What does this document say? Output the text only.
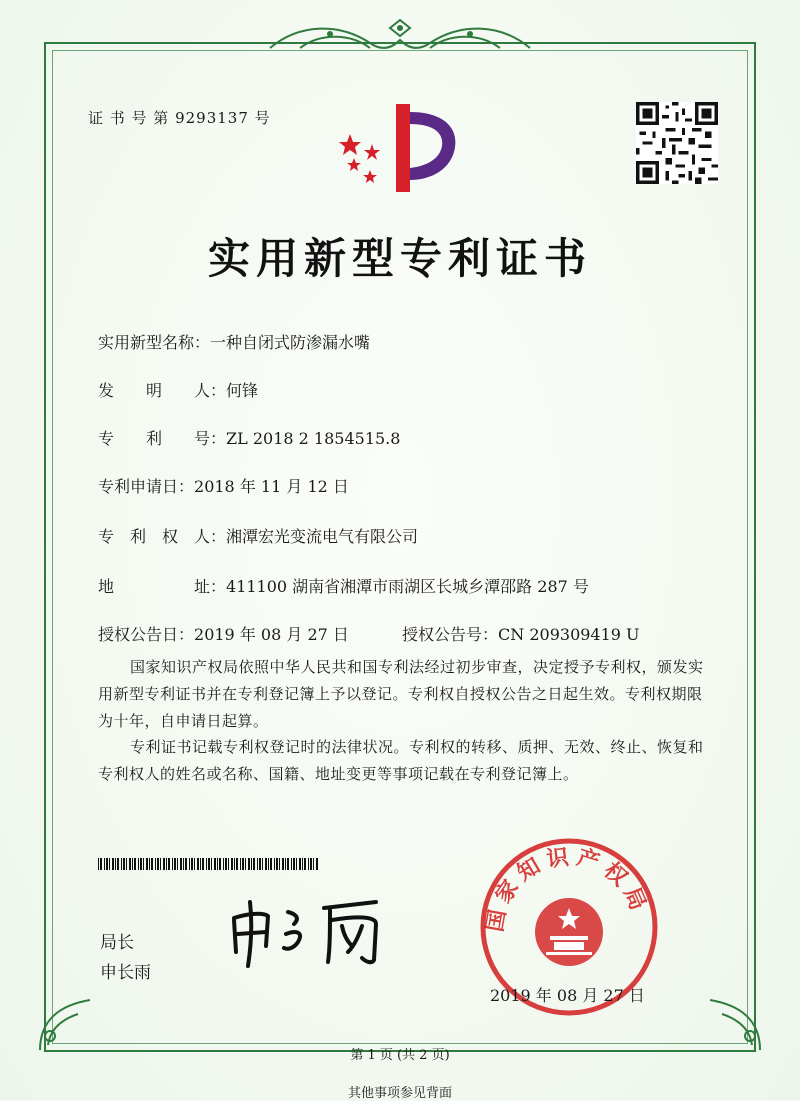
证 书 号 第 9293137 号
实用新型专利证书
实用新型名称：一种自闭式防渗漏水嘴
发　　明　　人：何锋
专　　利　　号：ZL 2018 2 1854515.8
专利申请日：2018 年 11 月 12 日
专　利　权　人：湘潭宏光变流电气有限公司
地　　　　　址：411100 湖南省湘潭市雨湖区长城乡潭邵路 287 号
授权公告日：2019 年 08 月 27 日	授权公告号：CN 209309419 U
国家知识产权局依照中华人民共和国专利法经过初步审查，决定授予专利权，颁发实用新型专利证书并在专利登记簿上予以登记。专利权自授权公告之日起生效。专利权期限为十年，自申请日起算。
专利证书记载专利权登记时的法律状况。专利权的转移、质押、无效、终止、恢复和专利权人的姓名或名称、国籍、地址变更等事项记载在专利登记簿上。
局长
申长雨
国家知识产权局
2019 年 08 月 27 日
第 1 页 (共 2 页)
其他事项参见背面
